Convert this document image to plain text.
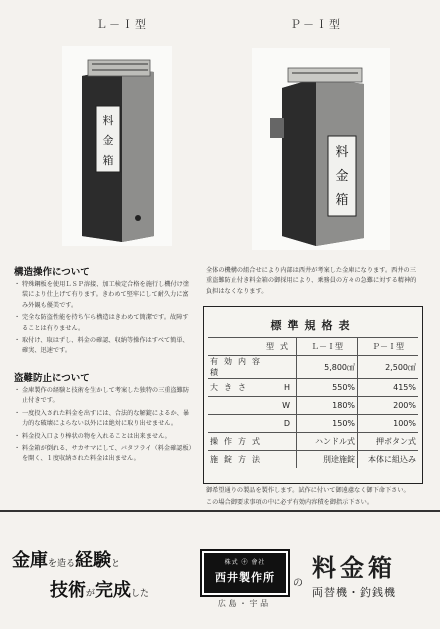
Ｌ－Ｉ型	Ｐ－Ｉ型
料
金
箱
料
金
箱
構造操作について
・ 特殊鋼板を使用ＬＳＰ溶接、加工検定合格を施行し機付け塗装により仕上げて有ります。きわめて堅牢にして耐久力に富み外観も優美です。
・ 完全な防盗性能を持ち乍ら構造はきわめて簡潔です。故障することは有りません。
・ 取付け、取はずし、料金の確認、収納等操作はすべて簡単、確実、迅速です。
盗難防止について
・ 金庫製作の経験と技術を生かして考案した独特の三重盗難防止付きです。
・ 一度投入された料金を出すには、合法的な解錠によるか、暴力的な破壊によらない以外には絶対に取り出せません。
・ 料金投入口より棒状の物を入れることは出来ません。
・ 料金箱が倒れる、サカサマにして、バタフライ（料金確認板）を開く、１度収納された料金は出ません。
全体の機構の組合せにより内部は西井が考案した金庫になります。西井の三重盗難防止付き料金箱の御採用により、乗務員の方々の急難に対する精神的負担はなくなります。
標準規格表
型式		Ｌ－Ｉ型	Ｐ－Ｉ型
有効内容積		5,800㎤	2,500㎤
大きさ	H	550%	415%
	W	180%	200%
	D	150%	100%
操作方式		ハンドル式	押ボタン式
施錠方法		別途施錠	本体に組込み
御希望通りの製品を製作します。試作に付いて御遠慮なく御下命下さい。
この場合御要求事項の中に必ず有効内容積を御指示下さい。
金庫を造る経験と
技術が完成した
株式 ㊉ 會社
西井製作所
広 島 ・ 宇 品
の
料金箱
両替機・釣銭機
